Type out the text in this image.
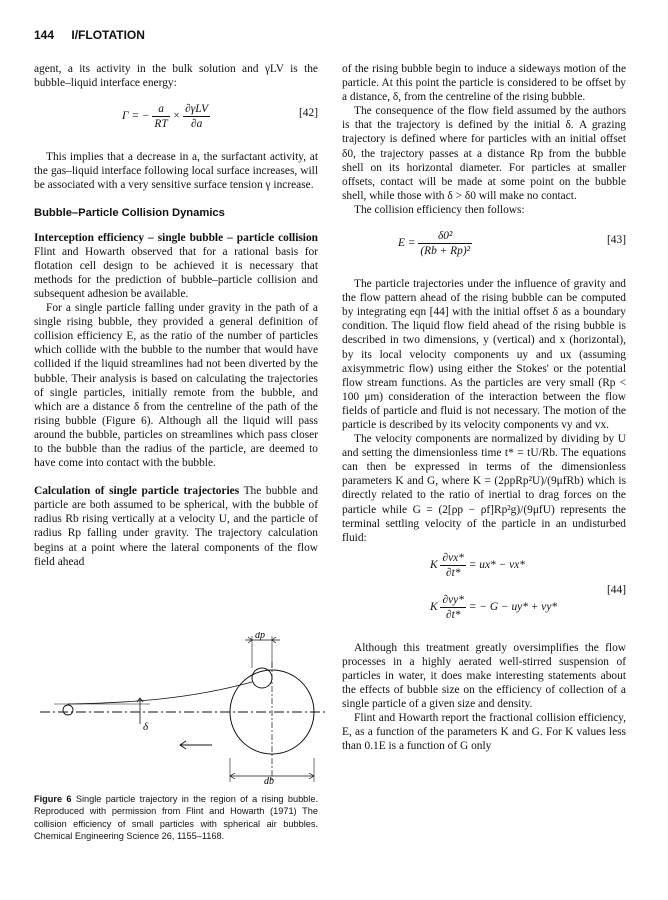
144 I/FLOTATION

agent, a its activity in the bulk solution and γLV is the bubble–liquid interface energy:

Γ = − $\frac{a}{RT} \times \frac{\text{∂γLV}}{\partial a}$	[42]

This implies that a decrease in a, the surfactant activity, at the gas–liquid interface following local surface increases, will be associated with a very sensitive surface tension γ increase.

Bubble–Particle Collision Dynamics

Interception efficiency – single bubble – particle collision Flint and Howarth observed that for a rational basis for flotation cell design to be achieved it is necessary that methods for the prediction of bubble–particle collision and subsequent adhesion be available.

For a single particle falling under gravity in the path of a single rising bubble, they provided a general definition of collision efficiency E, as the ratio of the number of particles which collide with the bubble to the number that would have collided if the liquid streamlines had not been diverted by the bubble. Their analysis is based on calculating the trajectories of single particles, initially remote from the bubble, and which are a distance δ from the centreline of the path of the rising bubble (Figure 6). Although all the liquid will pass around the bubble, particles on streamlines which pass closer to the bubble than the radius of the particle, are deemed to have come into contact with the bubble.

Calculation of single particle trajectories The bubble and particle are both assumed to be spherical, with the bubble of radius Rb rising vertically at a velocity U, and the particle of radius Rp falling under gravity. The trajectory calculation begins at a point where the lateral components of the flow field ahead

δ
dp
db
Figure 6 Single particle trajectory in the region of a rising bubble. Reproduced with permission from Flint and Howarth (1971) The collision efficiency of small particles with spherical air bubbles. Chemical Engineering Science 26, 1155–1168.

of the rising bubble begin to induce a sideways motion of the particle. At this point the particle is considered to be offset by a distance, δ, from the centreline of the rising bubble.

The consequence of the flow field assumed by the authors is that the trajectory is defined by the initial δ. A grazing trajectory is defined where for particles with an initial offset δ0, the trajectory passes at a distance Rp from the bubble shell on its horizontal diameter. For particles at smaller offsets, contact will be made at some point on the bubble shell, while those with δ > δ0 will make no contact.

The collision efficiency then follows:

$E = \frac{\text{δ0²}}{\text{(Rb + Rp)²}}$	[43]

The particle trajectories under the influence of gravity and the flow pattern ahead of the rising bubble can be computed by integrating eqn [44] with the initial offset δ as a boundary condition. The liquid flow field ahead of the rising bubble is described in two dimensions, y (vertical) and x (horizontal), by its local velocity components uy and ux (assuming axisymmetric flow) using either the Stokes' or the potential flow stream functions. As the particles are very small (Rp < 100 μm) consideration of the interaction between the flow fields of particle and fluid is not necessary. The motion of the particle is described by its velocity components vy and vx.

The velocity components are normalized by dividing by U and setting the dimensionless time t* = tU/Rb. The equations can then be expressed in terms of the dimensionless parameters K and G, where K = (2ρpRp²U)/(9μfRb) which is directly related to the ratio of inertial to drag forces on the particle while G = (2[ρp − ρf]Rp²g)/(9μfU) represents the terminal settling velocity of the particle in an undisturbed fluid:

K $\frac{\partial vx*}{\partial t*} = ux* - vx*$
K $\frac{\partial vy*}{\partial t*}$ = − G − uy* + vy*
[44]

Although this treatment greatly oversimplifies the flow processes in a highly aerated well-stirred suspension of particles in water, it does make interesting statements about the effects of bubble size on the efficiency of collection of a single particle of a given size and density.

Flint and Howarth report the fractional collision efficiency, E, as a function of the parameters K and G. For K values less than 0.1E is a function of G only
